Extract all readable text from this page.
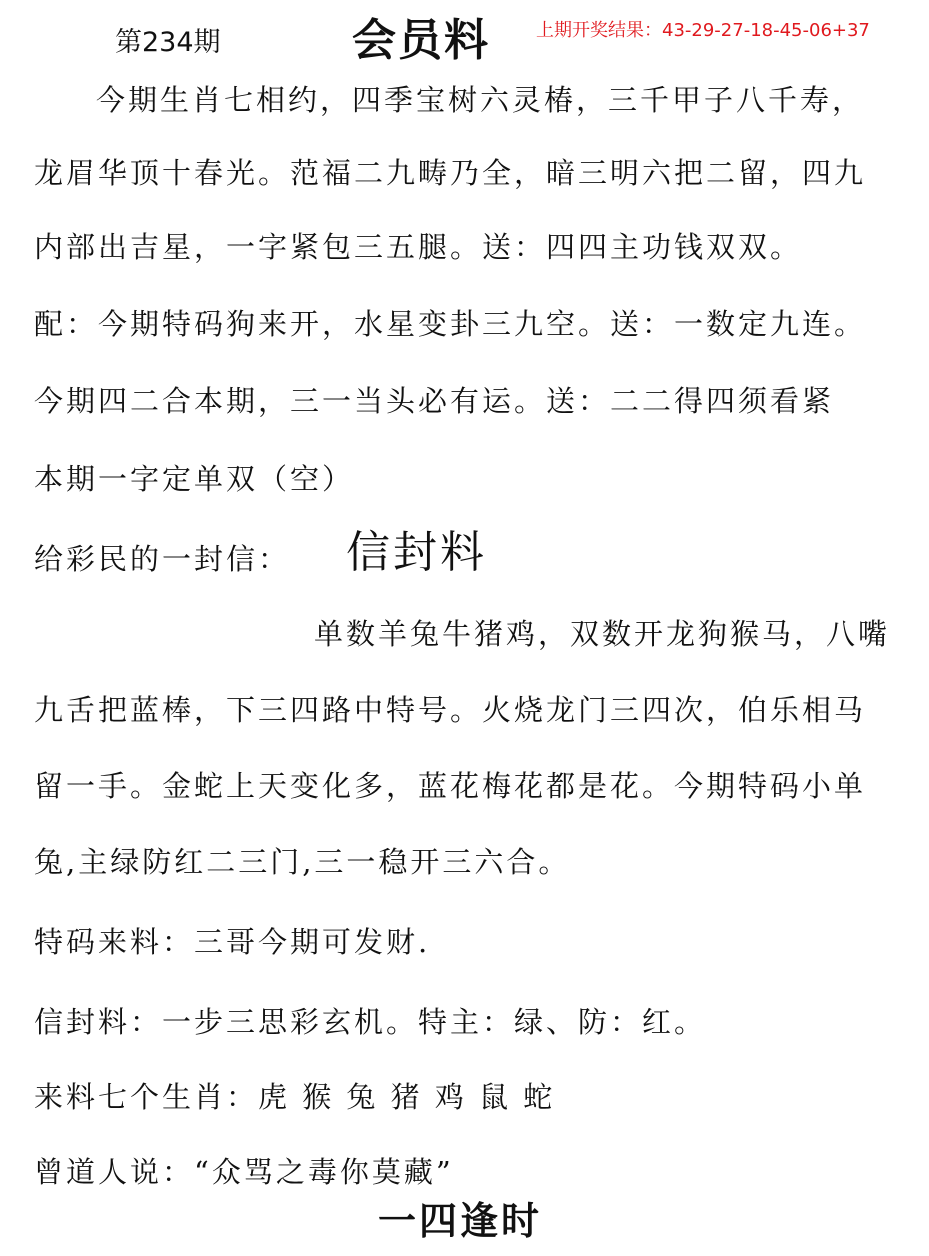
第234期	会员料	上期开奖结果：43-29-27-18-45-06+37
今期生肖七相约，四季宝树六灵椿，三千甲子八千寿，
龙眉华顶十春光。范福二九畴乃全，暗三明六把二留，四九
内部出吉星，一字紧包三五腿。送：四四主功钱双双。
配：今期特码狗来开，水星变卦三九空。送：一数定九连。
今期四二合本期，三一当头必有运。送：二二得四须看紧
本期一字定单双（空）
给彩民的一封信： 信封料
单数羊兔牛猪鸡，双数开龙狗猴马，八嘴
九舌把蓝棒，下三四路中特号。火烧龙门三四次，伯乐相马
留一手。金蛇上天变化多，蓝花梅花都是花。今期特码小单
兔,主绿防红二三门,三一稳开三六合。
特码来料：三哥今期可发财.
信封料：一步三思彩玄机。特主：绿、防：红。
来料七个生肖：虎 猴 兔 猪 鸡 鼠 蛇
曾道人说：“众骂之毒你莫藏”
一四逢时
